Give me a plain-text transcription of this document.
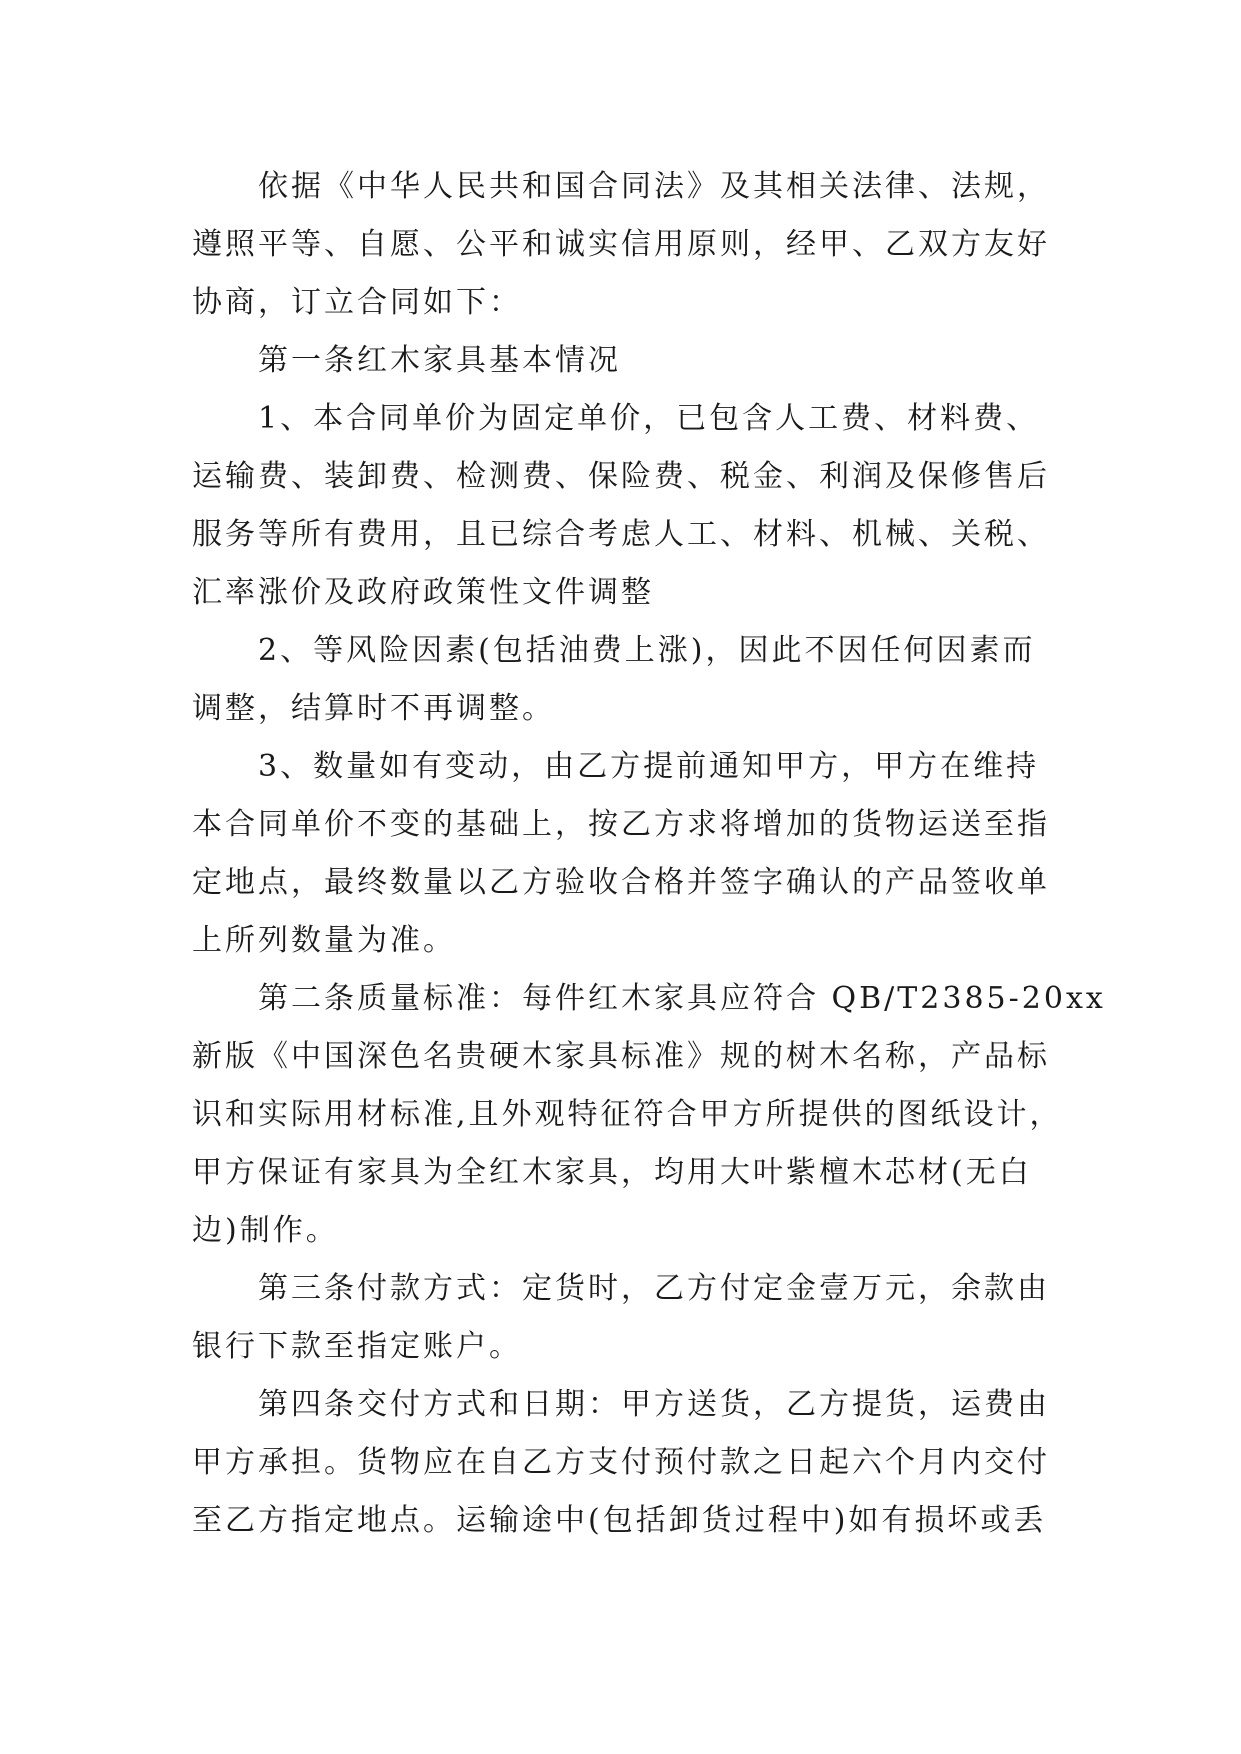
依据《中华人民共和国合同法》及其相关法律、法规，
遵照平等、自愿、公平和诚实信用原则，经甲、乙双方友好
协商，订立合同如下：
第一条红木家具基本情况
1、本合同单价为固定单价，已包含人工费、材料费、
运输费、装卸费、检测费、保险费、税金、利润及保修售后
服务等所有费用，且已综合考虑人工、材料、机械、关税、
汇率涨价及政府政策性文件调整
2、等风险因素(包括油费上涨)，因此不因任何因素而
调整，结算时不再调整。
3、数量如有变动，由乙方提前通知甲方，甲方在维持
本合同单价不变的基础上，按乙方求将增加的货物运送至指
定地点，最终数量以乙方验收合格并签字确认的产品签收单
上所列数量为准。
第二条质量标准：每件红木家具应符合 QB/T2385-20xx
新版《中国深色名贵硬木家具标准》规的树木名称，产品标
识和实际用材标准,且外观特征符合甲方所提供的图纸设计，
甲方保证有家具为全红木家具，均用大叶紫檀木芯材(无白
边)制作。
第三条付款方式：定货时，乙方付定金壹万元，余款由
银行下款至指定账户。
第四条交付方式和日期：甲方送货，乙方提货，运费由
甲方承担。货物应在自乙方支付预付款之日起六个月内交付
至乙方指定地点。运输途中(包括卸货过程中)如有损坏或丢
